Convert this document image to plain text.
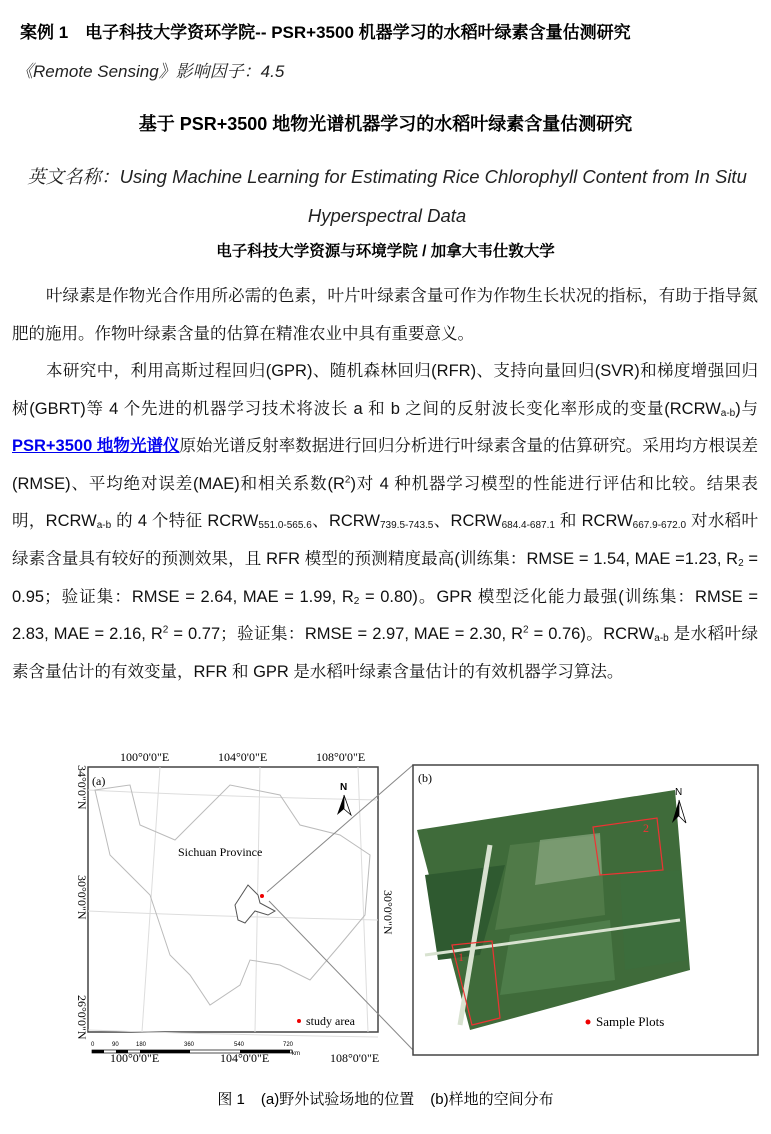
案例 1　电子科技大学资环学院-- PSR+3500 机器学习的水稻叶绿素含量估测研究
《Remote Sensing》影响因子：4.5
基于 PSR+3500 地物光谱机器学习的水稻叶绿素含量估测研究
英文名称：Using Machine Learning for Estimating Rice Chlorophyll Content from In Situ Hyperspectral Data
电子科技大学资源与环境学院 / 加拿大韦仕敦大学

叶绿素是作物光合作用所必需的色素，叶片叶绿素含量可作为作物生长状况的指标，有助于指导氮肥的施用。作物叶绿素含量的估算在精准农业中具有重要意义。

本研究中，利用高斯过程回归(GPR)、随机森林回归(RFR)、支持向量回归(SVR)和梯度增强回归树(GBRT)等 4 个先进的机器学习技术将波长 a 和 b 之间的反射波长变化率形成的变量$(RCRW_{a-b})$与 PSR+3500 地物光谱仪原始光谱反射率数据进行回归分析进行叶绿素含量的估算研究。采用均方根误差(RMSE)、平均绝对误差(MAE)和相关系数$(R^2)$对 4 种机器学习模型的性能进行评估和比较。结果表明，$RCRW_{a-b}$ 的 4 个特征 $RCRW_{551.0-565.6}$、$RCRW_{739.5-743.5}$、$RCRW_{684.4-687.1}$ 和 $RCRW_{667.9-672.0}$ 对水稻叶绿素含量具有较好的预测效果，且 RFR 模型的预测精度最高(训练集：RMSE = 1.54, MAE =1.23, $R_2 = 0.95$；验证集：RMSE = 2.64, MAE = 1.99, $R_2 = 0.80$)。GPR 模型泛化能力最强(训练集：RMSE = 2.83, MAE = 2.16, $R^2 = 0.77$；验证集：RMSE = 2.97, MAE = 2.30, $R^2 = 0.76$)。$RCRW_{a-b}$ 是水稻叶绿素含量估计的有效变量，RFR 和 GPR 是水稻叶绿素含量估计的有效机器学习算法。

(a)
Sichuan Province
N
study area
0	90	180	360	540	720
km
100°0'0"E	104°0'0"E	108°0'0"E
100°0'0"E	104°0'0"E	108°0'0"E
34°0'0"N
30°0'0"N
26°0'0"N
30°0'0"N
(b)
1
2
N
Sample Plots
图 1 (a)野外试验场地的位置 (b)样地的空间分布
